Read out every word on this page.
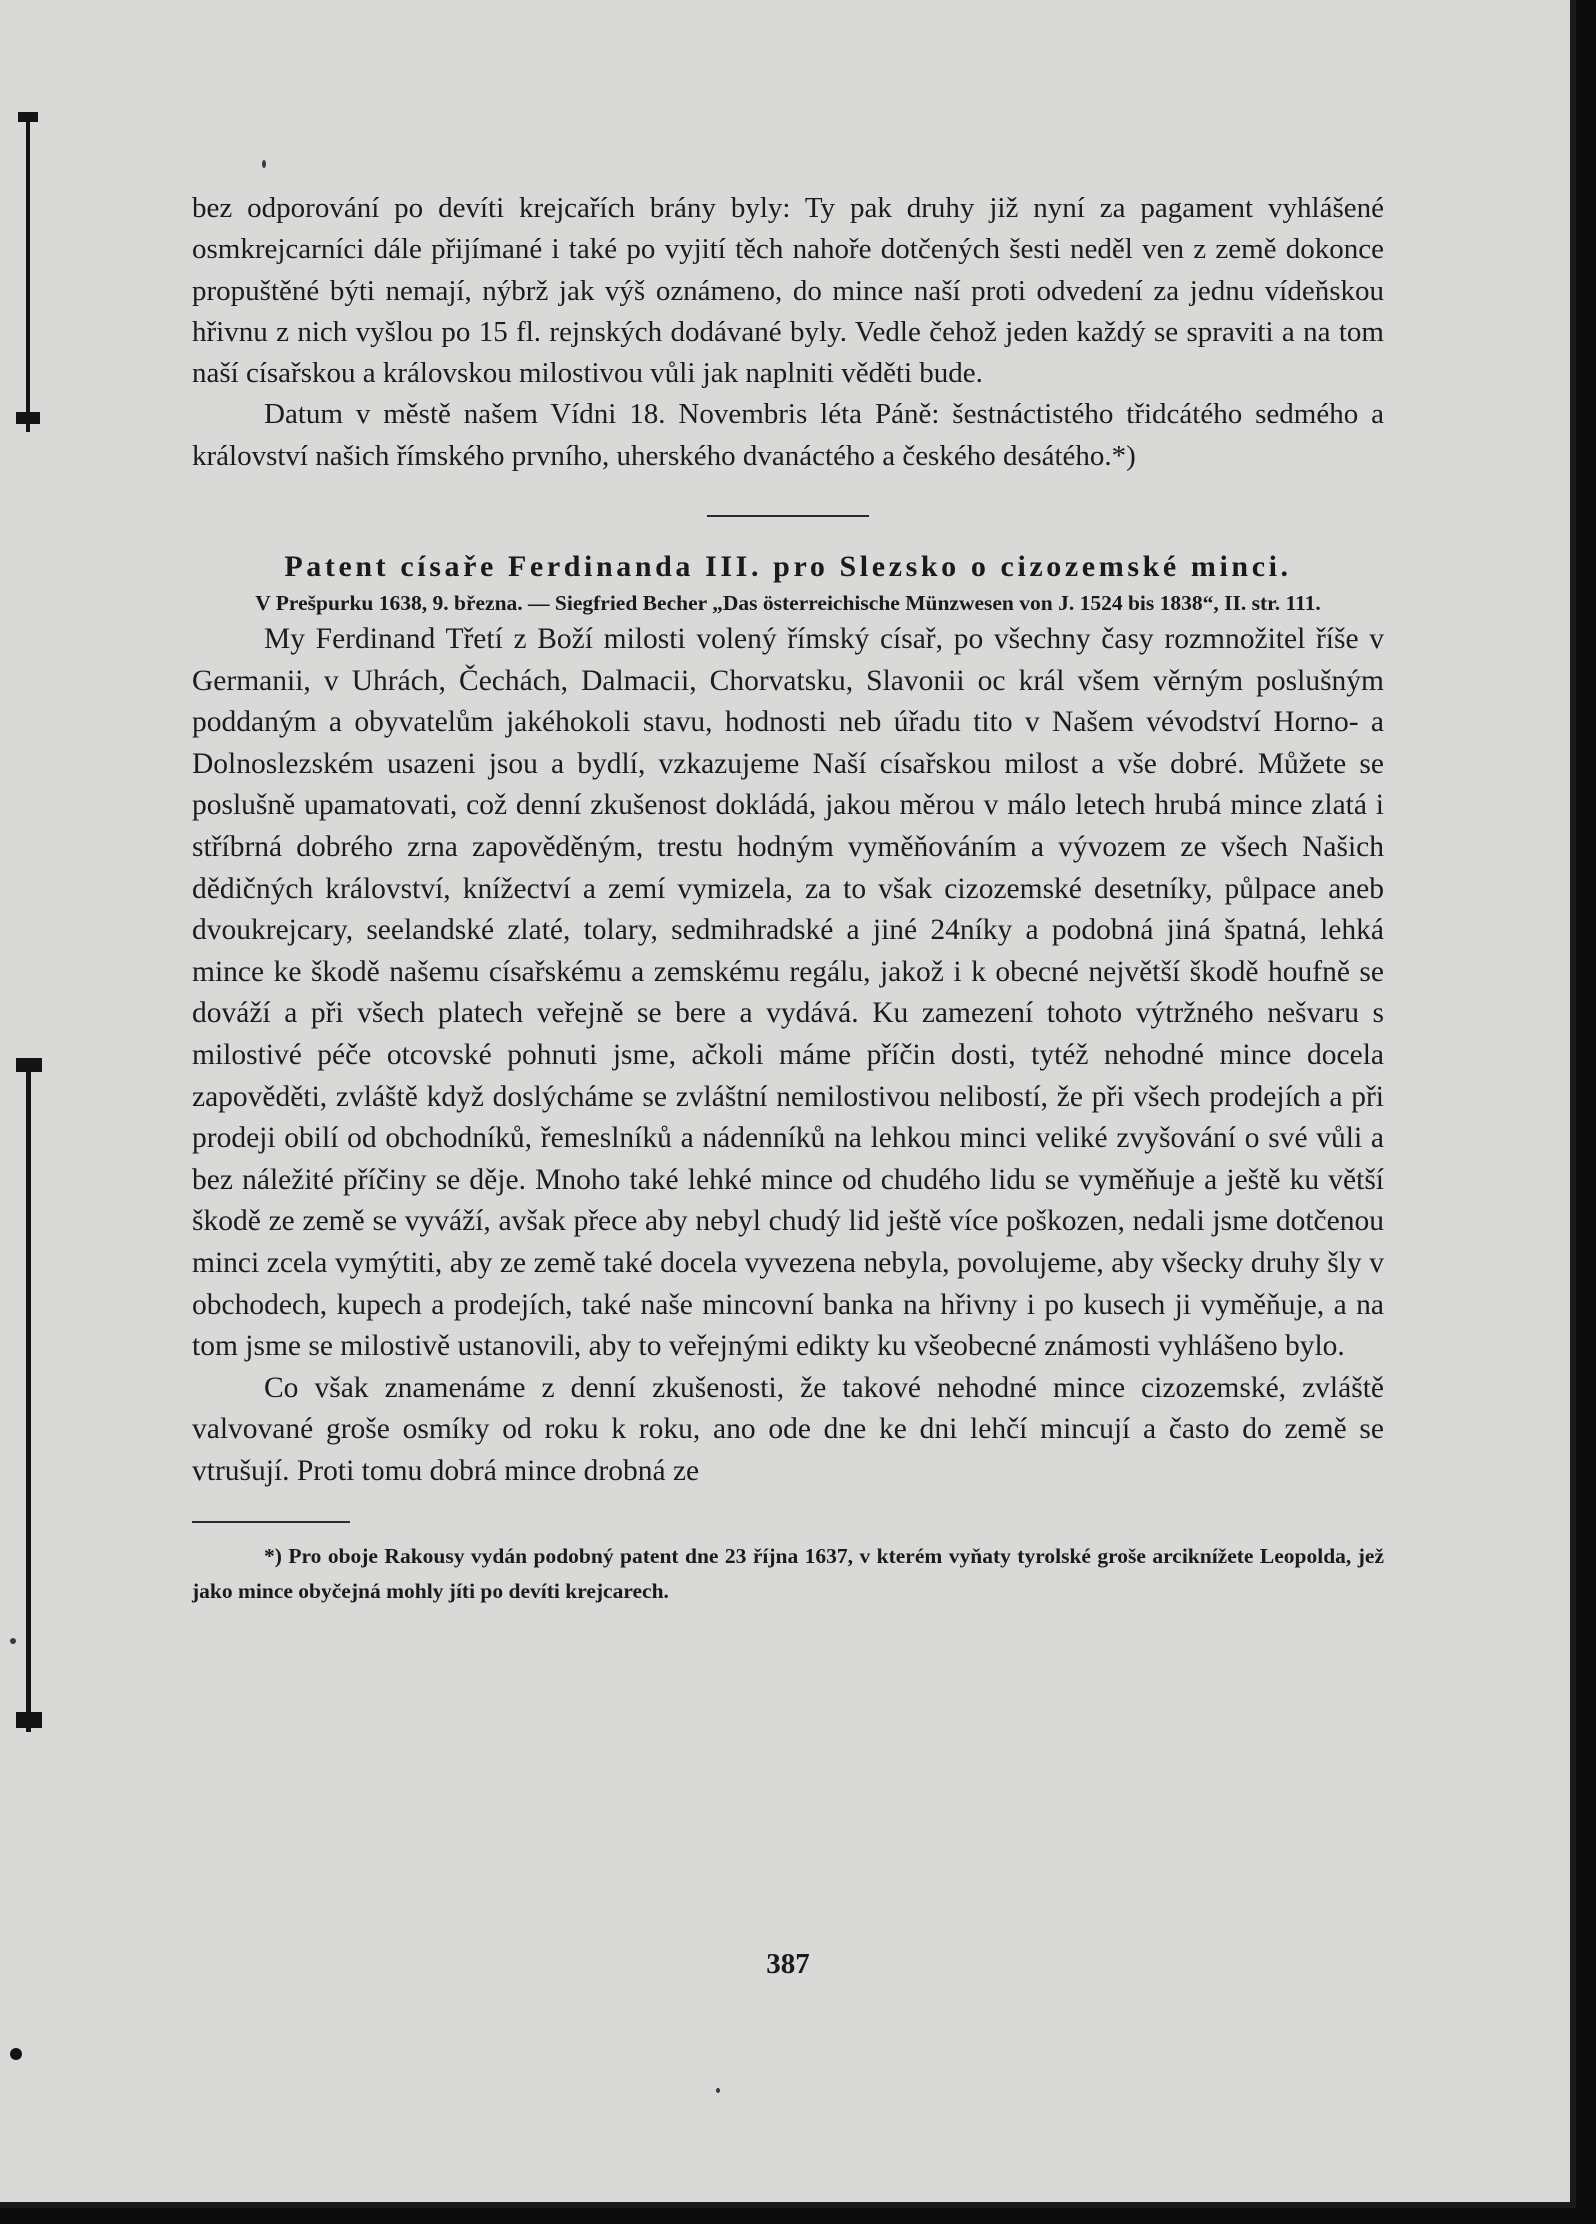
bez odporování po devíti krejcařích brány byly: Ty pak druhy již nyní za pagament vyhlášené osmkrejcarníci dále přijímané i také po vyjití těch nahoře dotčených šesti neděl ven z země dokonce propuštěné býti nemají, nýbrž jak výš oznámeno, do mince naší proti odvedení za jednu vídeňskou hřivnu z nich vyšlou po 15 fl. rejnských dodávané byly. Vedle čehož jeden každý se spraviti a na tom naší císařskou a královskou milostivou vůli jak naplniti věděti bude.

Datum v městě našem Vídni 18. Novembris léta Páně: šestnáctistého třidcátého sedmého a království našich římského prvního, uherského dvanáctého a českého desátého.*)

Patent císaře Ferdinanda III. pro Slezsko o cizozemské minci.

V Prešpurku 1638, 9. března. — Siegfried Becher „Das österreichische Münzwesen von J. 1524 bis 1838“, II. str. 111.

My Ferdinand Třetí z Boží milosti volený římský císař, po všechny časy rozmnožitel říše v Germanii, v Uhrách, Čechách, Dalmacii, Chorvatsku, Slavonii oc král všem věrným poslušným poddaným a obyvatelům jakéhokoli stavu, hodnosti neb úřadu tito v Našem vévodství Horno- a Dolnoslezském usazeni jsou a bydlí, vzkazujeme Naší císařskou milost a vše dobré. Můžete se poslušně upamatovati, což denní zkušenost dokládá, jakou měrou v málo letech hrubá mince zlatá i stříbrná dobrého zrna zapověděným, trestu hodným vyměňováním a vývozem ze všech Našich dědičných království, knížectví a zemí vymizela, za to však cizozemské desetníky, půlpace aneb dvoukrejcary, seelandské zlaté, tolary, sedmihradské a jiné 24níky a podobná jiná špatná, lehká mince ke škodě našemu císařskému a zemskému regálu, jakož i k obecné největší škodě houfně se dováží a při všech platech veřejně se bere a vydává. Ku zamezení tohoto výtržného nešvaru s milostivé péče otcovské pohnuti jsme, ačkoli máme příčin dosti, tytéž nehodné mince docela zapověděti, zvláště když doslýcháme se zvláštní nemilostivou nelibostí, že při všech prodejích a při prodeji obilí od obchodníků, řemeslníků a nádenníků na lehkou minci veliké zvyšování o své vůli a bez náležité příčiny se děje. Mnoho také lehké mince od chudého lidu se vyměňuje a ještě ku větší škodě ze země se vyváží, avšak přece aby nebyl chudý lid ještě více poškozen, nedali jsme dotčenou minci zcela vymýtiti, aby ze země také docela vyvezena nebyla, povolujeme, aby všecky druhy šly v obchodech, kupech a prodejích, také naše mincovní banka na hřivny i po kusech ji vyměňuje, a na tom jsme se milostivě ustanovili, aby to veřejnými edikty ku všeobecné známosti vyhlášeno bylo.

Co však znamenáme z denní zkušenosti, že takové nehodné mince cizozemské, zvláště valvované groše osmíky od roku k roku, ano ode dne ke dni lehčí mincují a často do země se vtrušují. Proti tomu dobrá mince drobná ze

*) Pro oboje Rakousy vydán podobný patent dne 23 října 1637, v kterém vyňaty tyrolské groše arciknížete Leopolda, jež jako mince obyčejná mohly jíti po devíti krejcarech.

387
